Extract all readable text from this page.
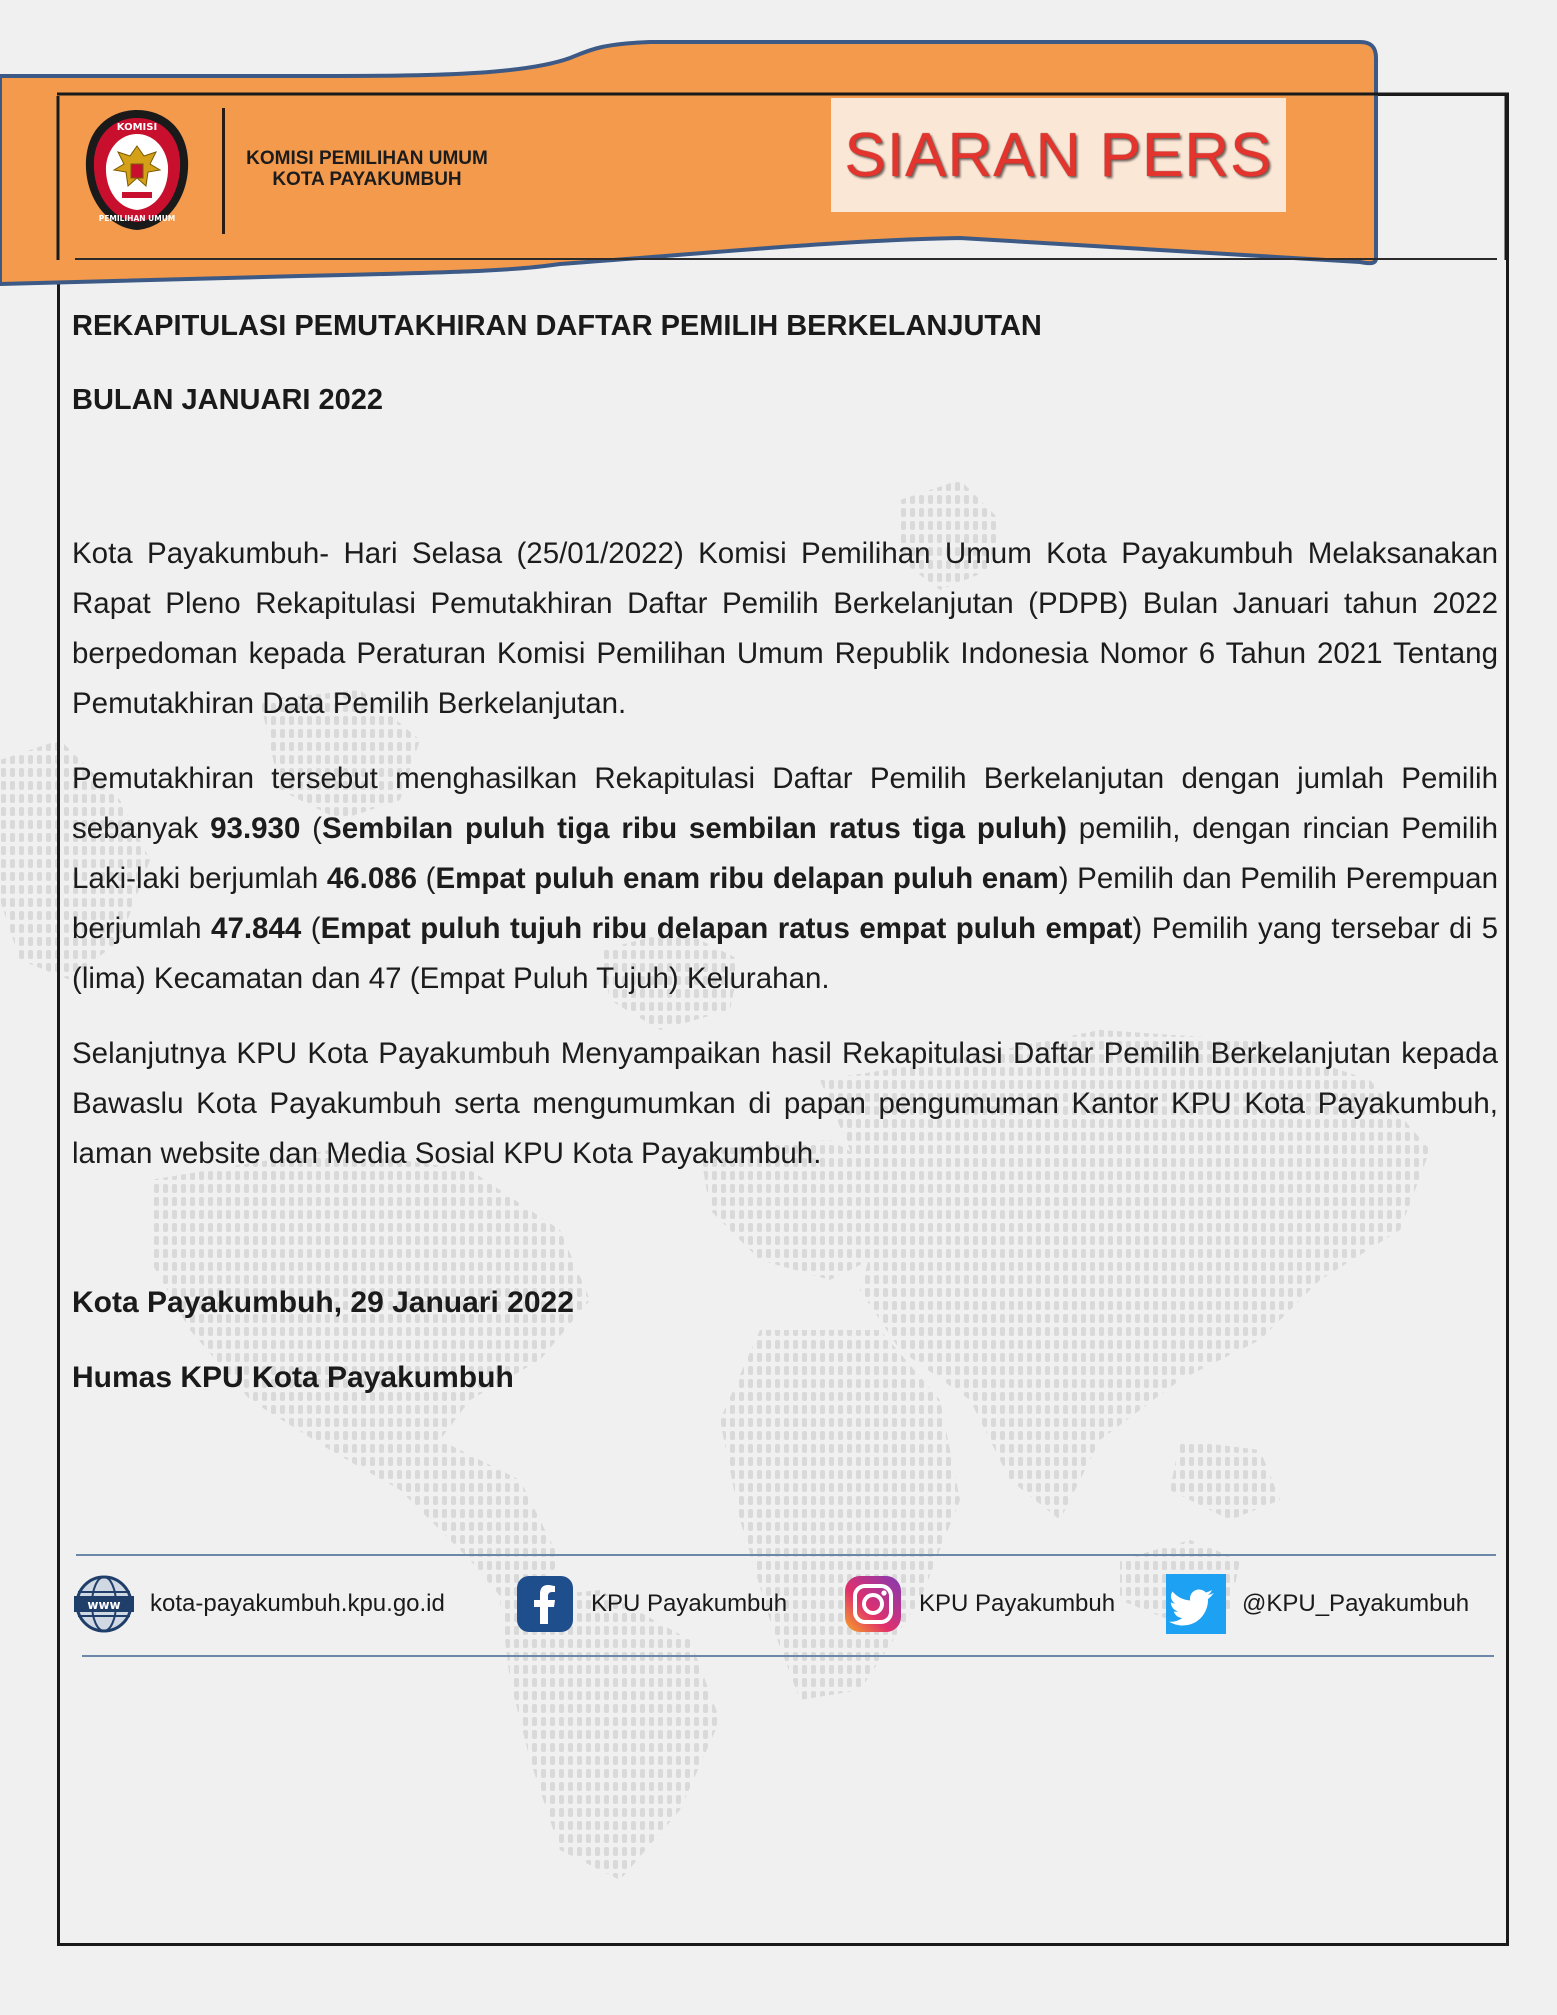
KOMISI
PEMILIHAN UMUM
KOMISI PEMILIHAN UMUM
KOTA PAYAKUMBUH	SIARAN PERS
REKAPITULASI PEMUTAKHIRAN DAFTAR PEMILIH BERKELANJUTAN
BULAN JANUARI 2022
Kota Payakumbuh- Hari Selasa (25/01/2022) Komisi Pemilihan Umum Kota Payakumbuh Melaksanakan Rapat Pleno Rekapitulasi Pemutakhiran Daftar Pemilih Berkelanjutan (PDPB) Bulan Januari tahun 2022 berpedoman kepada Peraturan Komisi Pemilihan Umum Republik Indonesia Nomor 6 Tahun 2021 Tentang Pemutakhiran Data Pemilih Berkelanjutan.
Pemutakhiran tersebut menghasilkan Rekapitulasi Daftar Pemilih Berkelanjutan dengan jumlah Pemilih sebanyak 93.930 (Sembilan puluh tiga ribu sembilan ratus tiga puluh) pemilih, dengan rincian Pemilih Laki-laki berjumlah 46.086 (Empat puluh enam ribu delapan puluh enam) Pemilih dan Pemilih Perempuan berjumlah 47.844 (Empat puluh tujuh ribu delapan ratus empat puluh empat) Pemilih yang tersebar di 5 (lima) Kecamatan dan 47 (Empat Puluh Tujuh) Kelurahan.
Selanjutnya KPU Kota Payakumbuh Menyampaikan hasil Rekapitulasi Daftar Pemilih Berkelanjutan kepada Bawaslu Kota Payakumbuh serta mengumumkan di papan pengumuman Kantor KPU Kota Payakumbuh, laman website dan Media Sosial KPU Kota Payakumbuh.
Kota Payakumbuh, 29 Januari 2022
Humas KPU Kota Payakumbuh
www kota-payakumbuh.kpu.go.id	KPU Payakumbuh	KPU Payakumbuh	@KPU_Payakumbuh
